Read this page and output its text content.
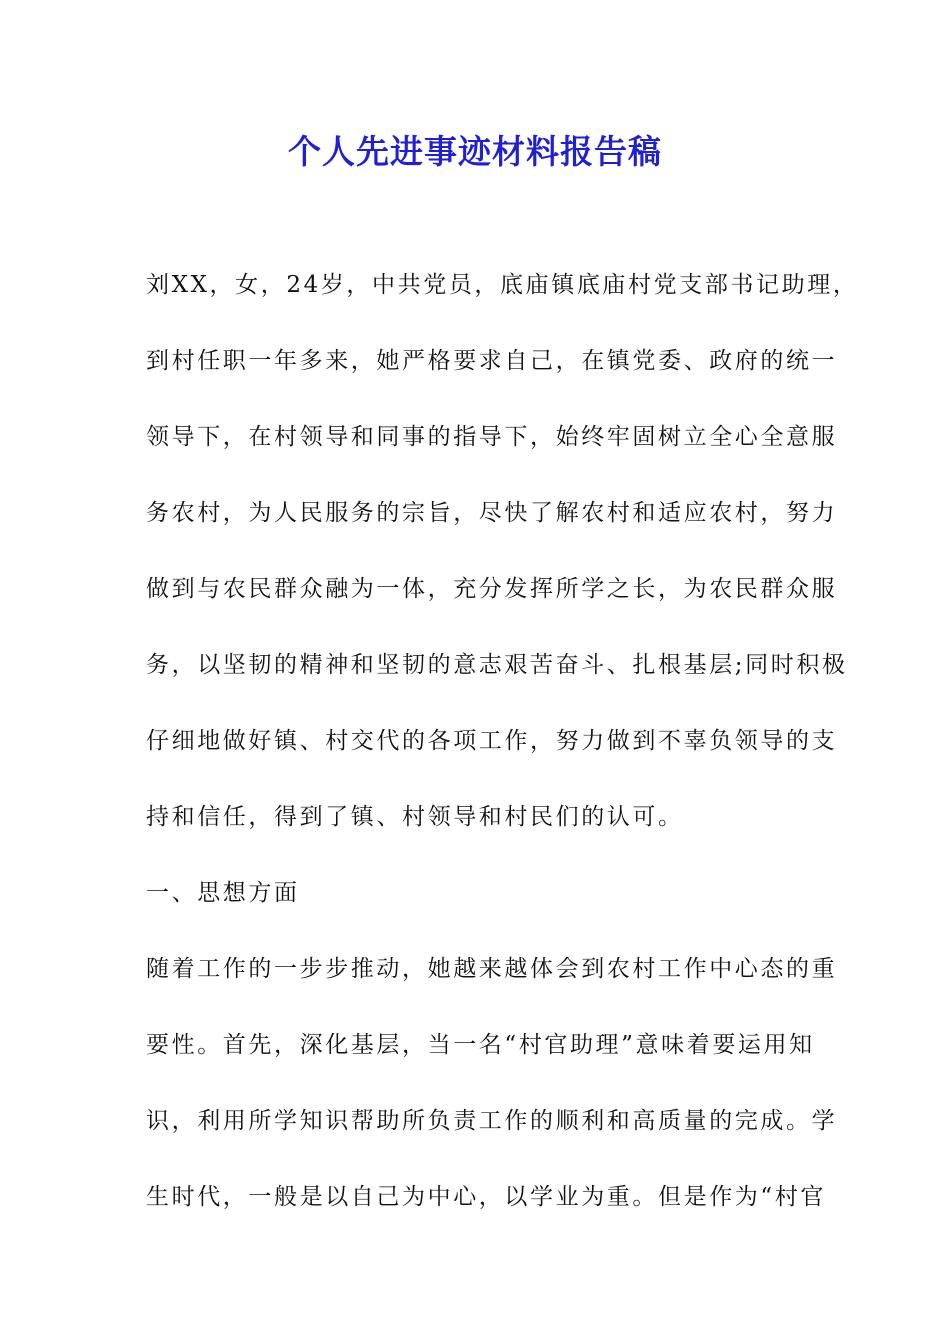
个人先进事迹材料报告稿
刘XX，女，24岁，中共党员，底庙镇底庙村党支部书记助理，
到村任职一年多来，她严格要求自己，在镇党委、政府的统一
领导下，在村领导和同事的指导下，始终牢固树立全心全意服
务农村，为人民服务的宗旨，尽快了解农村和适应农村，努力
做到与农民群众融为一体，充分发挥所学之长，为农民群众服
务，以坚韧的精神和坚韧的意志艰苦奋斗、扎根基层;同时积极
仔细地做好镇、村交代的各项工作，努力做到不辜负领导的支
持和信任，得到了镇、村领导和村民们的认可。
一、思想方面
随着工作的一步步推动，她越来越体会到农村工作中心态的重
要性。首先，深化基层，当一名“村官助理”意味着要运用知
识，利用所学知识帮助所负责工作的顺利和高质量的完成。学
生时代，一般是以自己为中心，以学业为重。但是作为“村官
